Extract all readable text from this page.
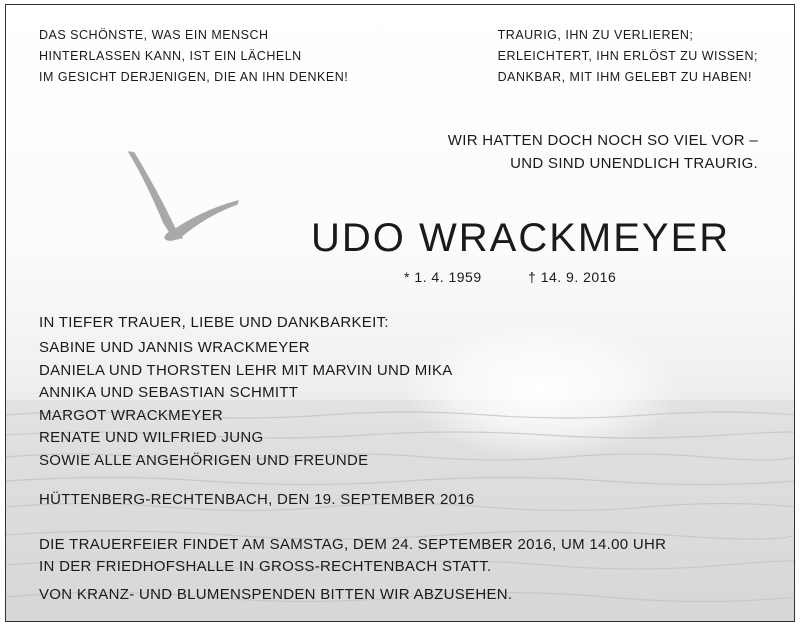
DAS SCHÖNSTE, WAS EIN MENSCH
HINTERLASSEN KANN, IST EIN LÄCHELN
IM GESICHT DERJENIGEN, DIE AN IHN DENKEN!
TRAURIG, IHN ZU VERLIEREN;
ERLEICHTERT, IHN ERLÖST ZU WISSEN;
DANKBAR, MIT IHM GELEBT ZU HABEN!
WIR HATTEN DOCH NOCH SO VIEL VOR –
UND SIND UNENDLICH TRAURIG.
UDO WRACKMEYER
* 1. 4. 1959	† 14. 9. 2016
IN TIEFER TRAUER, LIEBE UND DANKBARKEIT:
SABINE UND JANNIS WRACKMEYER
DANIELA UND THORSTEN LEHR MIT MARVIN UND MIKA
ANNIKA UND SEBASTIAN SCHMITT
MARGOT WRACKMEYER
RENATE UND WILFRIED JUNG
SOWIE ALLE ANGEHÖRIGEN UND FREUNDE
HÜTTENBERG-RECHTENBACH, DEN 19. SEPTEMBER 2016
DIE TRAUERFEIER FINDET AM SAMSTAG, DEM 24. SEPTEMBER 2016, UM 14.00 UHR
IN DER FRIEDHOFSHALLE IN GROSS-RECHTENBACH STATT.
VON KRANZ- UND BLUMENSPENDEN BITTEN WIR ABZUSEHEN.
